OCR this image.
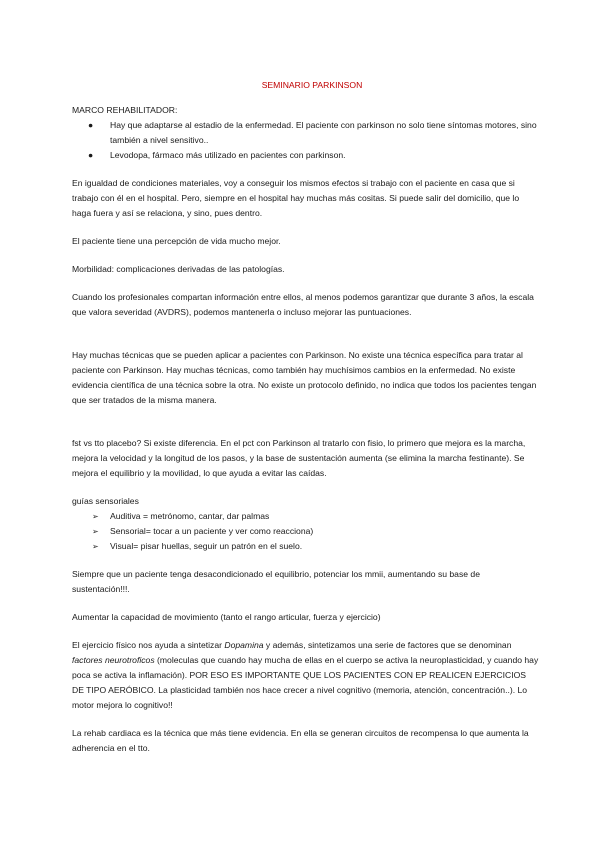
SEMINARIO PARKINSON

MARCO REHABILITADOR:

● Hay que adaptarse al estadio de la enfermedad. El paciente con parkinson no solo tiene síntomas motores, sino también a nivel sensitivo..
● Levodopa, fármaco más utilizado en pacientes con parkinson.

En igualdad de condiciones materiales, voy a conseguir los mismos efectos si trabajo con el paciente en casa que si trabajo con él en el hospital. Pero, siempre en el hospital hay muchas más cositas. Si puede salir del domicilio, que lo haga fuera y así se relaciona, y sino, pues dentro.

El paciente tiene una percepción de vida mucho mejor.

Morbilidad: complicaciones derivadas de las patologías.

Cuando los profesionales compartan información entre ellos, al menos podemos garantizar que durante 3 años, la escala que valora severidad (AVDRS), podemos mantenerla o incluso mejorar las puntuaciones.

Hay muchas técnicas que se pueden aplicar a pacientes con Parkinson. No existe una técnica específica para tratar al paciente con Parkinson. Hay muchas técnicas, como también hay muchísimos cambios en la enfermedad. No existe evidencia científica de una técnica sobre la otra. No existe un protocolo definido, no indica que todos los pacientes tengan que ser tratados de la misma manera.

fst vs tto placebo? Si existe diferencia. En el pct con Parkinson al tratarlo con fisio, lo primero que mejora es la marcha, mejora la velocidad y la longitud de los pasos, y la base de sustentación aumenta (se elimina la marcha festinante). Se mejora el equilibrio y la movilidad, lo que ayuda a evitar las caídas.

guías sensoriales

➢ Auditiva = metrónomo, cantar, dar palmas
➢ Sensorial= tocar a un paciente y ver como reacciona)
➢ Visual= pisar huellas, seguir un patrón en el suelo.

Siempre que un paciente tenga desacondicionado el equilibrio, potenciar los mmii, aumentando su base de sustentación!!!.

Aumentar la capacidad de movimiento (tanto el rango articular, fuerza y ejercicio)

El ejercicio físico nos ayuda a sintetizar Dopamina y además, sintetizamos una serie de factores que se denominan factores neurotroficos (moleculas que cuando hay mucha de ellas en el cuerpo se activa la neuroplasticidad, y cuando hay poca se activa la inflamación). POR ESO ES IMPORTANTE QUE LOS PACIENTES CON EP REALICEN EJERCICIOS DE TIPO AERÓBICO. La plasticidad también nos hace crecer a nivel cognitivo (memoria, atención, concentración..). Lo motor mejora lo cognitivo!!

La rehab cardiaca es la técnica que más tiene evidencia. En ella se generan circuitos de recompensa lo que aumenta la adherencia en el tto.
